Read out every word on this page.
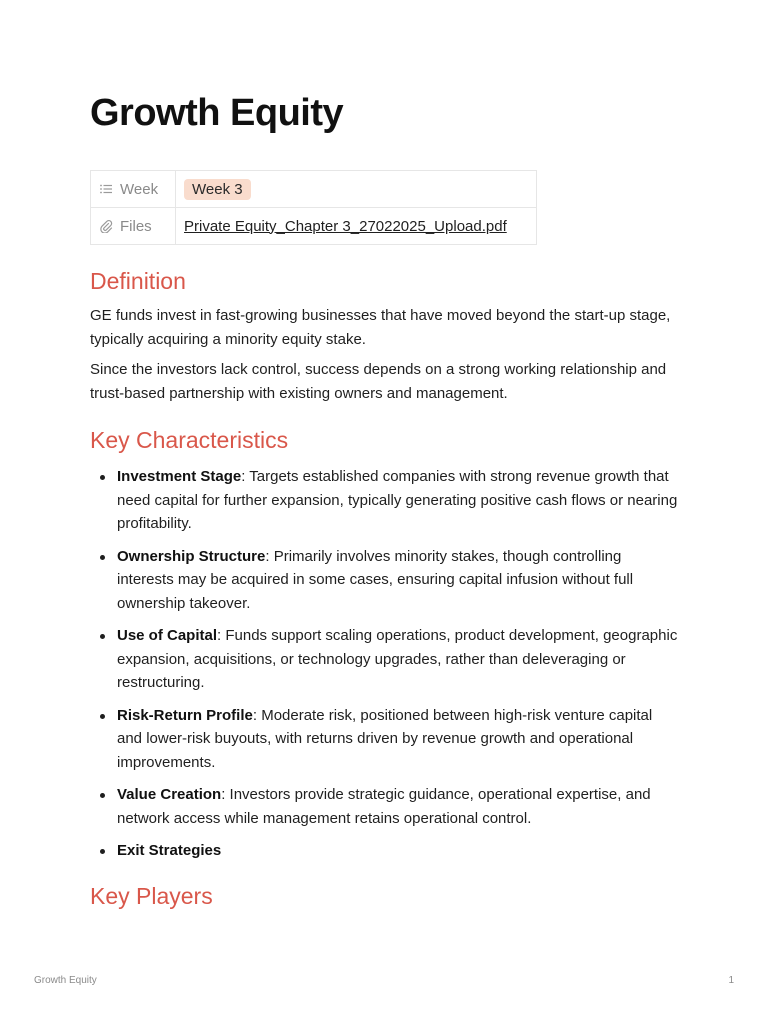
Growth Equity
Week	Week 3
Files	Private Equity_Chapter 3_27022025_Upload.pdf
Definition

GE funds invest in fast-growing businesses that have moved beyond the start-up stage, typically acquiring a minority equity stake.

Since the investors lack control, success depends on a strong working relationship and trust-based partnership with existing owners and management.

Key Characteristics
Investment Stage: Targets established companies with strong revenue growth that need capital for further expansion, typically generating positive cash flows or nearing profitability.
Ownership Structure: Primarily involves minority stakes, though controlling interests may be acquired in some cases, ensuring capital infusion without full ownership takeover.
Use of Capital: Funds support scaling operations, product development, geographic expansion, acquisitions, or technology upgrades, rather than deleveraging or restructuring.
Risk-Return Profile: Moderate risk, positioned between high-risk venture capital and lower-risk buyouts, with returns driven by revenue growth and operational improvements.
Value Creation: Investors provide strategic guidance, operational expertise, and network access while management retains operational control.
Exit Strategies
Key Players
Growth Equity	1
